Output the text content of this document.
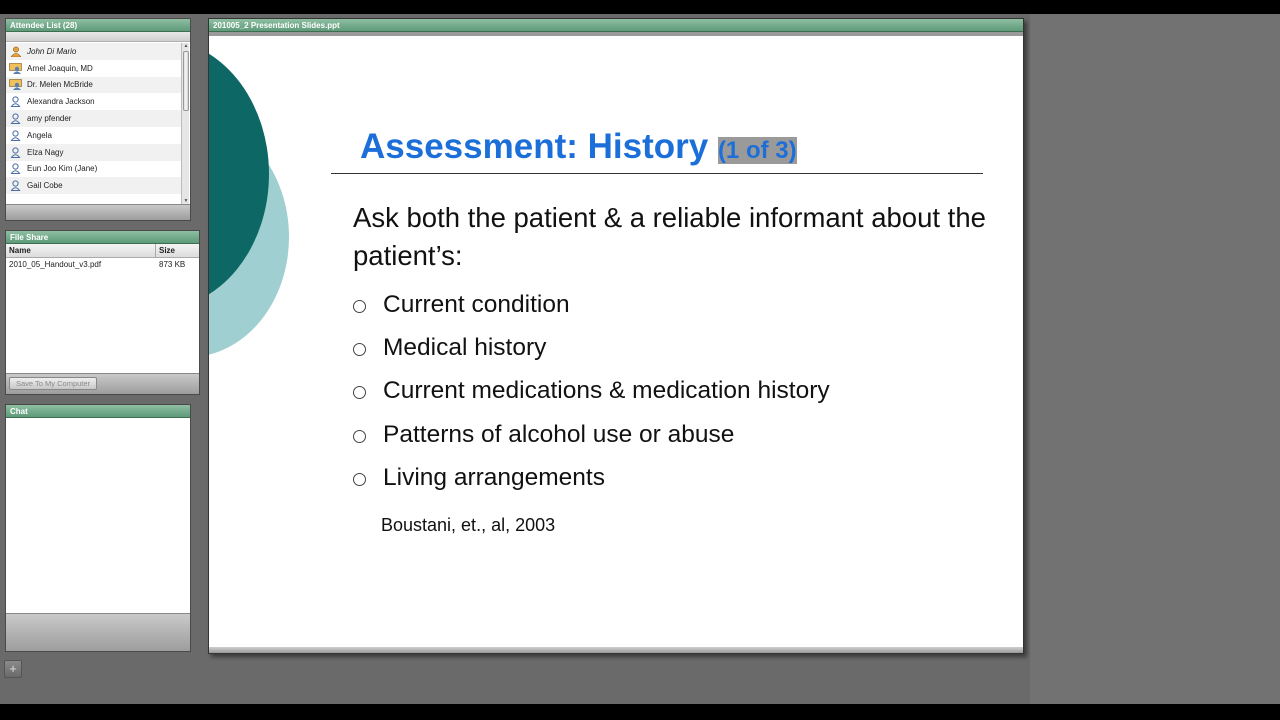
Attendee List (28)
John Di Mario
Arnel Joaquin, MD
Dr. Melen McBride
Alexandra Jackson
amy pfender
Angela
Elza Nagy
Eun Joo Kim (Jane)
Gail Cobe
▲
▼
File Share
Name	Size
2010_05_Handout_v3.pdf	873 KB
Save To My Computer
Chat
+
201005_2 Presentation Slides.ppt
Assessment: History (1 of 3)
Ask both the patient & a reliable informant about the patient’s:
Current condition
Medical history
Current medications & medication history
Patterns of alcohol use or abuse
Living arrangements
Boustani, et., al, 2003
